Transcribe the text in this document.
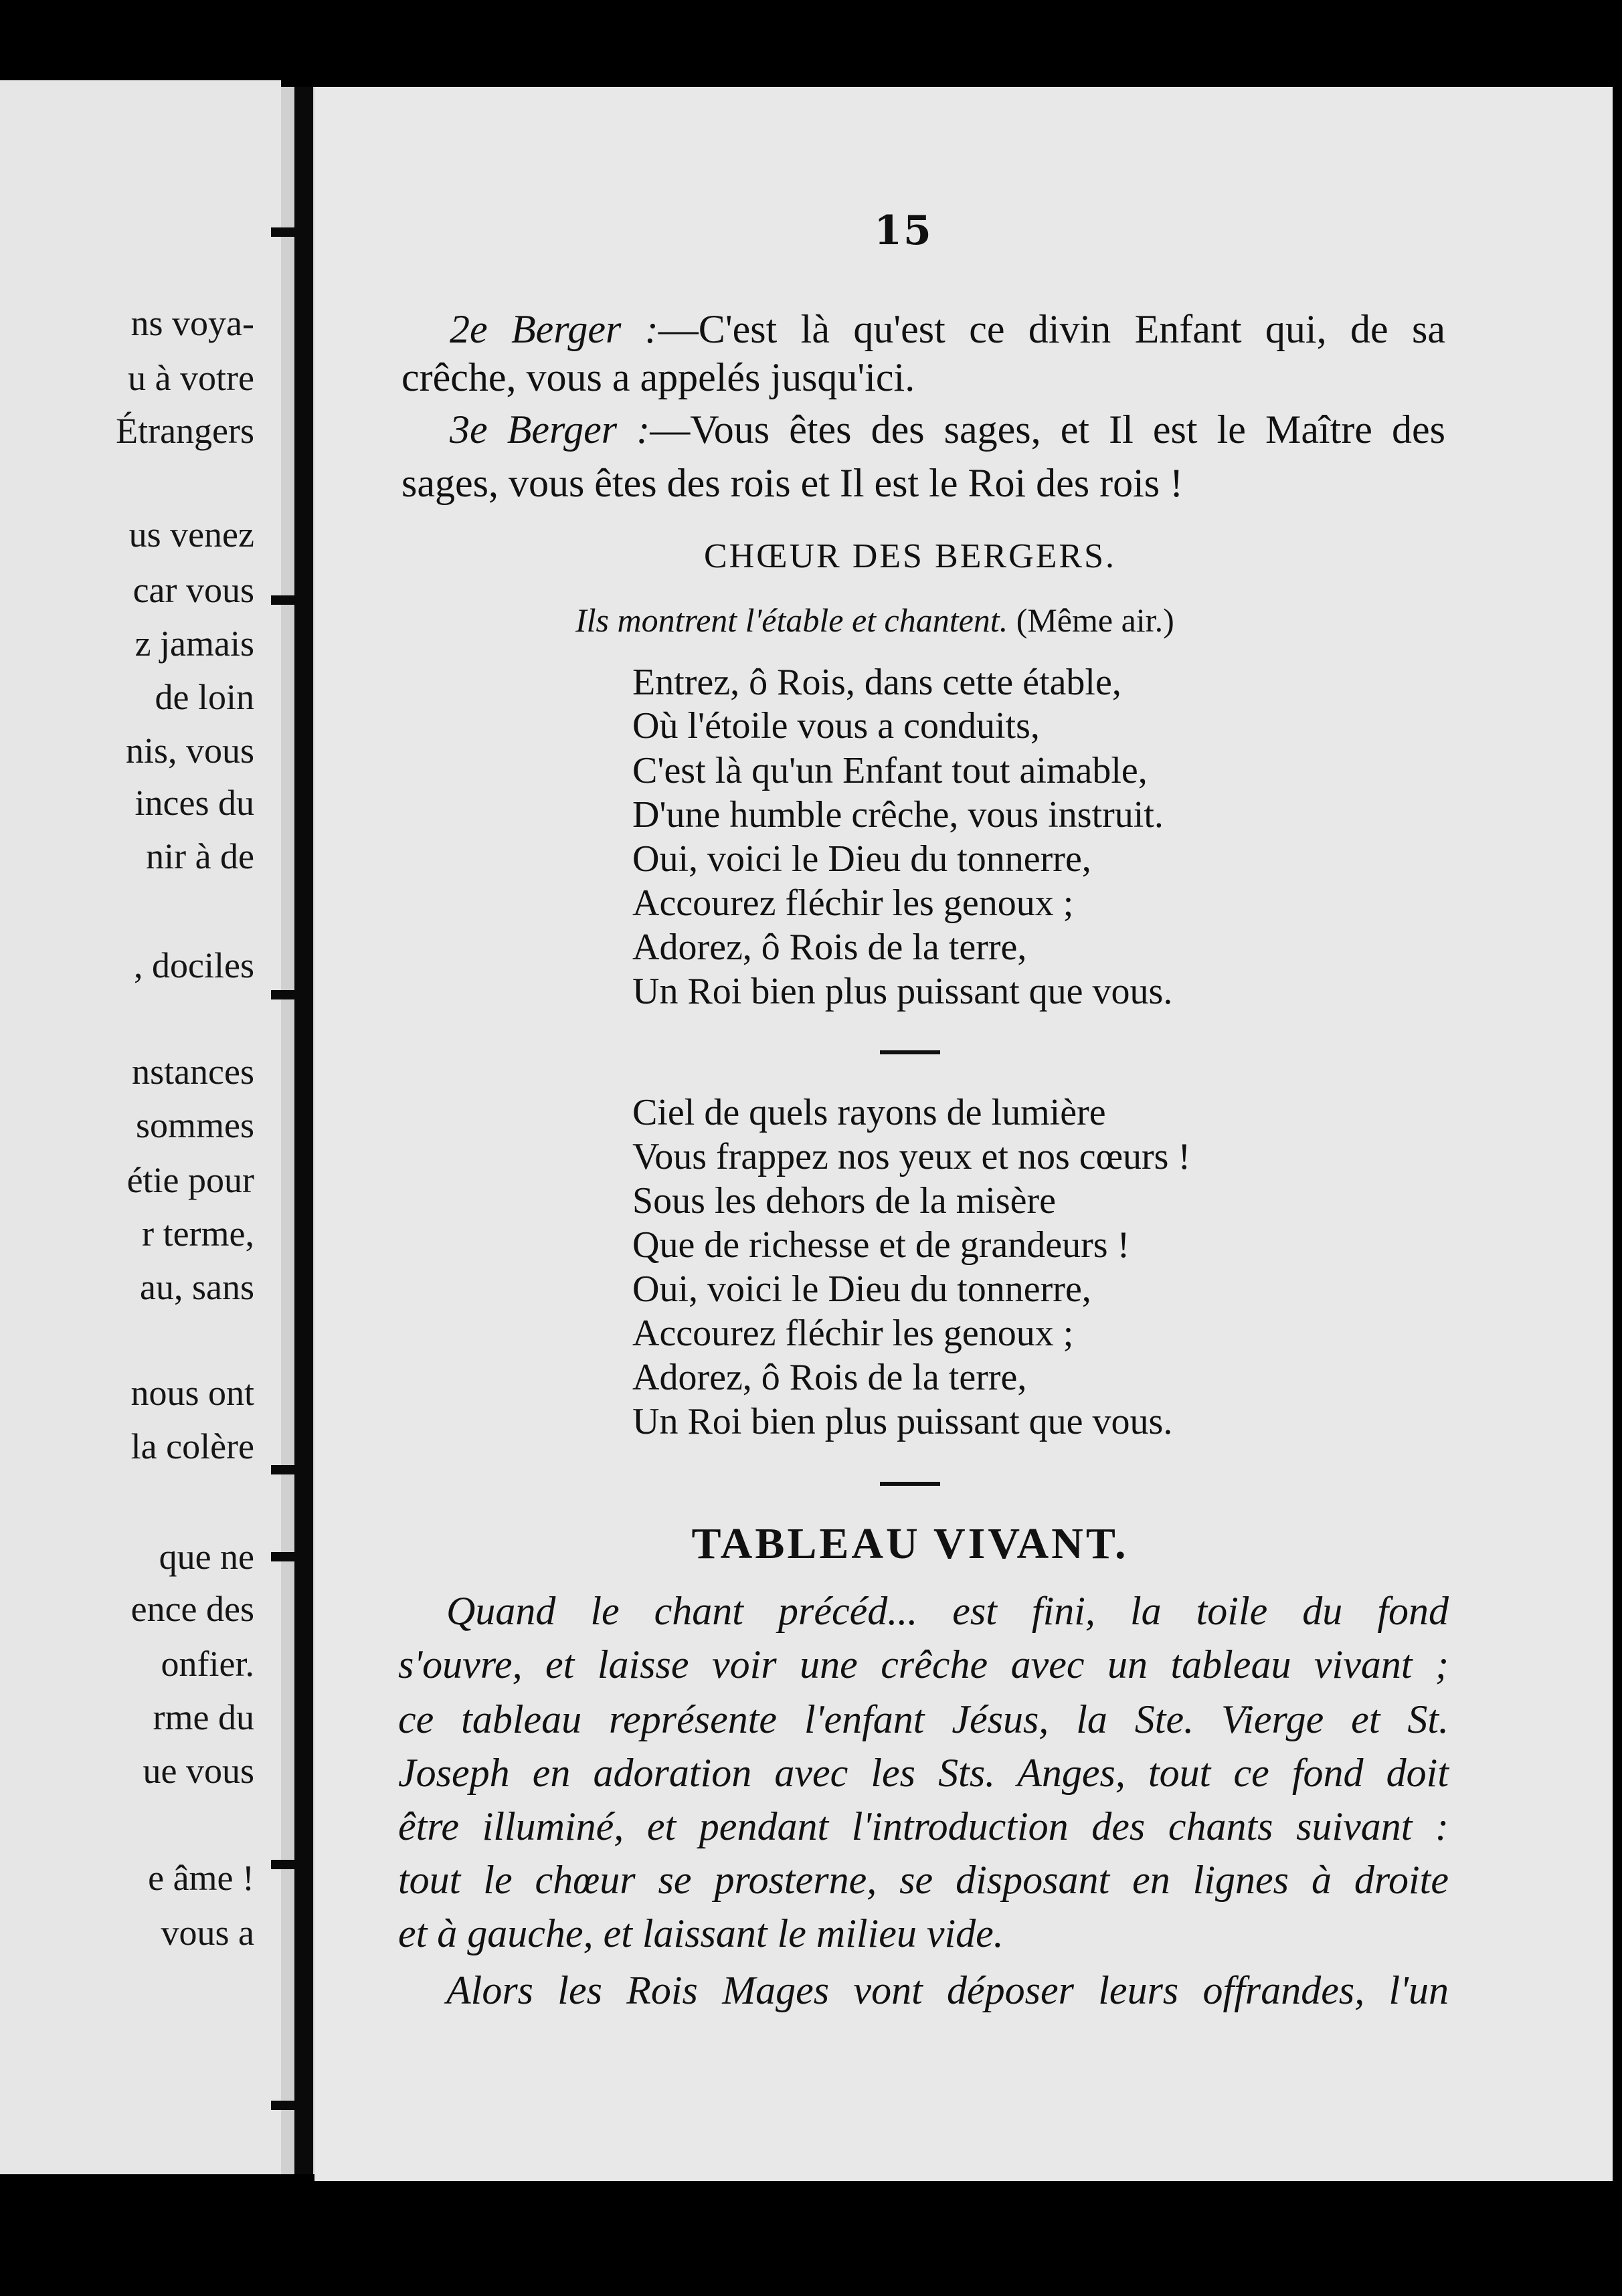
ns voya-
u à votre
Étrangers
us venez
car vous
z jamais
de loin
nis, vous
inces du
nir à de
, dociles
nstances
sommes
étie pour
r terme,
au, sans
nous ont
la colère
que ne
ence des
onfier.
rme du
ue vous
e âme !
vous a
15
2e Berger :—C'est là qu'est ce divin Enfant qui, de sa
crêche, vous a appelés jusqu'ici.
3e Berger :—Vous êtes des sages, et Il est le Maître des
sages, vous êtes des rois et Il est le Roi des rois !
CHŒUR DES BERGERS.
Ils montrent l'étable et chantent. (Même air.)
Entrez, ô Rois, dans cette étable,
Où l'étoile vous a conduits,
C'est là qu'un Enfant tout aimable,
D'une humble crêche, vous instruit.
Oui, voici le Dieu du tonnerre,
Accourez fléchir les genoux ;
Adorez, ô Rois de la terre,
Un Roi bien plus puissant que vous.
Ciel de quels rayons de lumière
Vous frappez nos yeux et nos cœurs !
Sous les dehors de la misère
Que de richesse et de grandeurs !
Oui, voici le Dieu du tonnerre,
Accourez fléchir les genoux ;
Adorez, ô Rois de la terre,
Un Roi bien plus puissant que vous.
TABLEAU VIVANT.
Quand le chant précéd... est fini, la toile du fond
s'ouvre, et laisse voir une crêche avec un tableau vivant ;
ce tableau représente l'enfant Jésus, la Ste. Vierge et St.
Joseph en adoration avec les Sts. Anges, tout ce fond doit
être illuminé, et pendant l'introduction des chants suivant :
tout le chœur se prosterne, se disposant en lignes à droite
et à gauche, et laissant le milieu vide.
Alors les Rois Mages vont déposer leurs offrandes, l'un
